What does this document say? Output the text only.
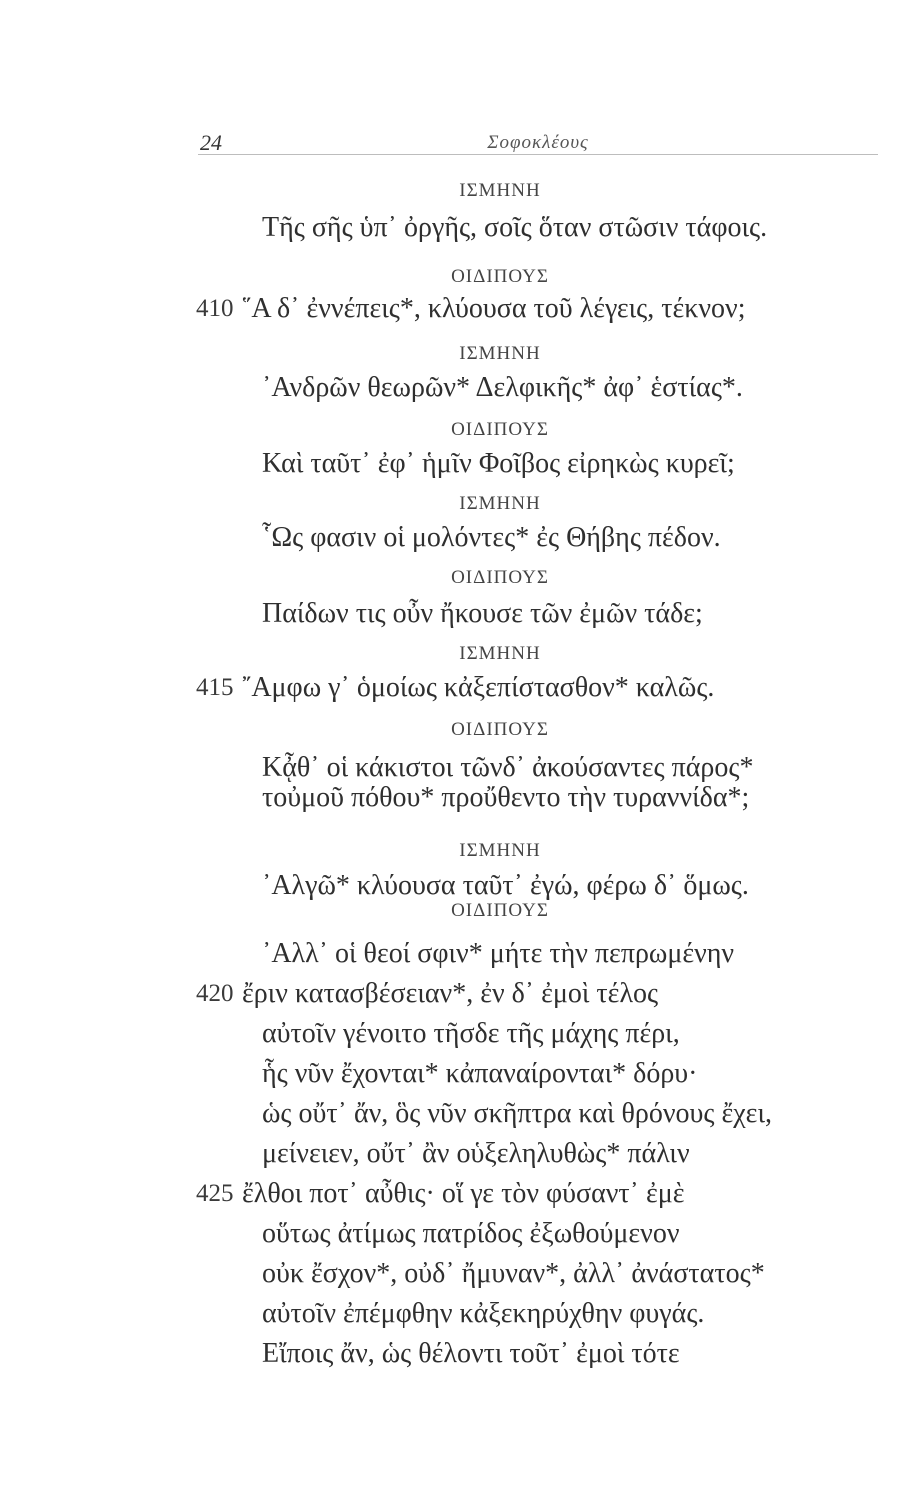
24	Σοφοκλέους
ΙΣΜΗΝΗ
Τῆς σῆς ὑπ᾽ ὀργῆς, σοῖς ὅταν στῶσιν τάφοις.
ΟΙΔΙΠΟΥΣ
410 ῞Α δ᾽ ἐννέπεις*, κλύουσα τοῦ λέγεις, τέκνον;
ΙΣΜΗΝΗ
᾿Ανδρῶν θεωρῶν* Δελφικῆς* ἀφ᾽ ἑστίας*.
ΟΙΔΙΠΟΥΣ
Καὶ ταῦτ᾽ ἐφ᾽ ἡμῖν Φοῖβος εἰρηκὼς κυρεῖ;
ΙΣΜΗΝΗ
῟Ως φασιν οἱ μολόντες* ἐς Θήβης πέδον.
ΟΙΔΙΠΟΥΣ
Παίδων τις οὖν ἤκουσε τῶν ἐμῶν τάδε;
ΙΣΜΗΝΗ
415 ῎Αμφω γ᾽ ὁμοίως κἀξεπίστασθον* καλῶς.
ΟΙΔΙΠΟΥΣ
Κᾆθ᾽ οἱ κάκιστοι τῶνδ᾽ ἀκούσαντες πάρος*
τοὐμοῦ πόθου* προὔθεντο τὴν τυραννίδα*;
ΙΣΜΗΝΗ
᾿Αλγῶ* κλύουσα ταῦτ᾽ ἐγώ, φέρω δ᾽ ὅμως.
ΟΙΔΙΠΟΥΣ
᾿Αλλ᾽ οἱ θεοί σφιν* μήτε τὴν πεπρωμένην
420 ἔριν κατασβέσειαν*, ἐν δ᾽ ἐμοὶ τέλος
αὐτοῖν γένοιτο τῆσδε τῆς μάχης πέρι,
ἧς νῦν ἔχονται* κἀπαναίρονται* δόρυ·
ὡς οὔτ᾽ ἄν, ὃς νῦν σκῆπτρα καὶ θρόνους ἔχει,
μείνειεν, οὔτ᾽ ἂν οὑξεληλυθὼς* πάλιν
425 ἔλθοι ποτ᾽ αὖθις· οἵ γε τὸν φύσαντ᾽ ἐμὲ
οὕτως ἀτίμως πατρίδος ἐξωθούμενον
οὐκ ἔσχον*, οὐδ᾽ ἤμυναν*, ἀλλ᾽ ἀνάστατος*
αὐτοῖν ἐπέμφθην κἀξεκηρύχθην φυγάς.
Εἴποις ἄν, ὡς θέλοντι τοῦτ᾽ ἐμοὶ τότε
